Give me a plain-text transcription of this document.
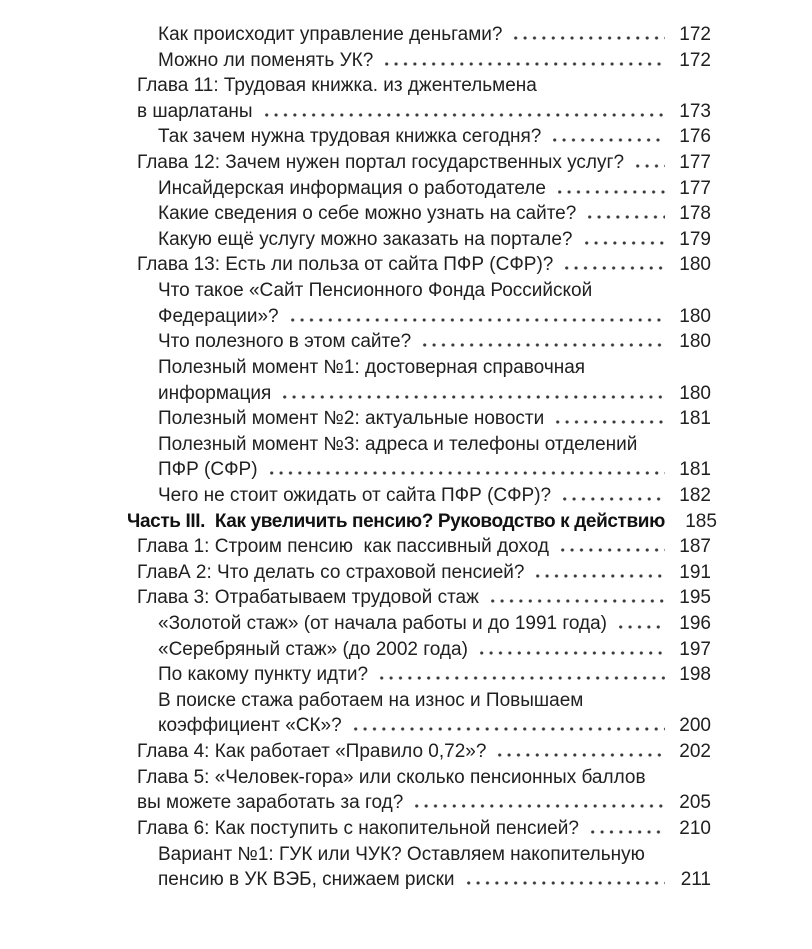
Как происходит управление деньгами?	172
Можно ли поменять УК?	172
Глава 11: Трудовая книжка. из джентельмена
в шарлатаны	173
Так зачем нужна трудовая книжка сегодня?	176
Глава 12: Зачем нужен портал государственных услуг?	177
Инсайдерская информация о работодателе	177
Какие сведения о себе можно узнать на сайте?	178
Какую ещё услугу можно заказать на портале?	179
Глава 13: Есть ли польза от сайта ПФР (СФР)?	180
Что такое «Сайт Пенсионного Фонда Российской
Федерации»?	180
Что полезного в этом сайте?	180
Полезный момент №1: достоверная справочная
информация	180
Полезный момент №2: актуальные новости	181
Полезный момент №3: адреса и телефоны отделений
ПФР (СФР)	181
Чего не стоит ожидать от сайта ПФР (СФР)?	182
Часть III.  Как увеличить пенсию? Руководство к действию 185
Глава 1: Строим пенсию  как пассивный доход	187
ГлавА 2: Что делать со страховой пенсией?	191
Глава 3: Отрабатываем трудовой стаж	195
«Золотой стаж» (от начала работы и до 1991 года)	196
«Серебряный стаж» (до 2002 года)	197
По какому пункту идти?	198
В поиске стажа работаем на износ и Повышаем
коэффициент «СК»?	200
Глава 4: Как работает «Правило 0,72»?	202
Глава 5: «Человек-гора» или сколько пенсионных баллов
вы можете заработать за год?	205
Глава 6: Как поступить с накопительной пенсией?	210
Вариант №1: ГУК или ЧУК? Оставляем накопительную
пенсию в УК ВЭБ, снижаем риски	211
